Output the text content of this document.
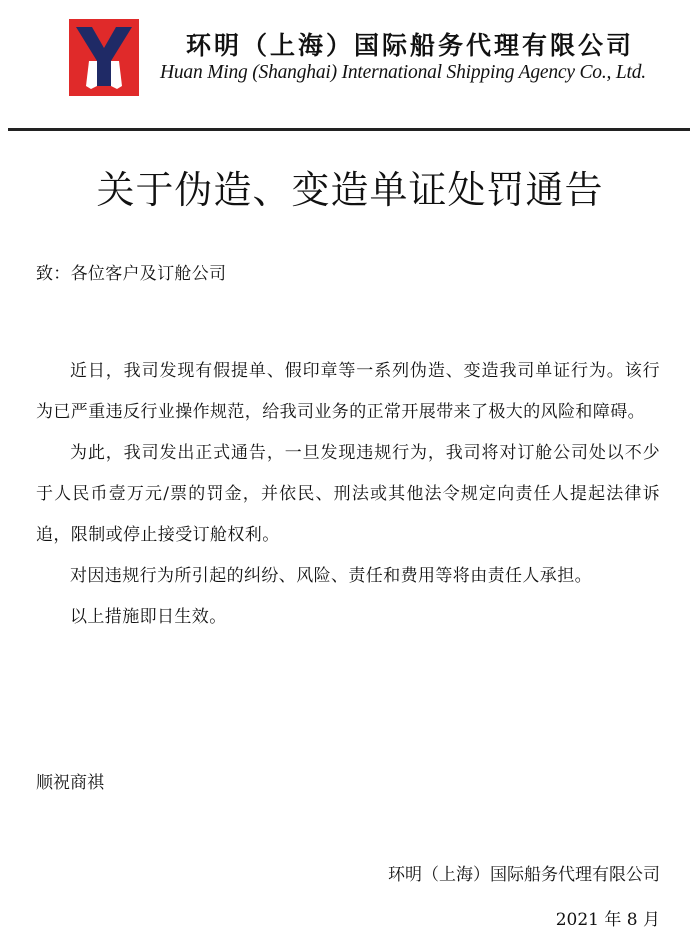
环明（上海）国际船务代理有限公司
Huan Ming (Shanghai) International Shipping Agency Co., Ltd.
关于伪造、变造单证处罚通告
致：各位客户及订舱公司

近日，我司发现有假提单、假印章等一系列伪造、变造我司单证行为。该行为已严重违反行业操作规范，给我司业务的正常开展带来了极大的风险和障碍。

为此，我司发出正式通告，一旦发现违规行为，我司将对订舱公司处以不少于人民币壹万元/票的罚金，并依民、刑法或其他法令规定向责任人提起法律诉追，限制或停止接受订舱权利。

对因违规行为所引起的纠纷、风险、责任和费用等将由责任人承担。

以上措施即日生效。

顺祝商祺
环明（上海）国际船务代理有限公司
2021 年 8 月
